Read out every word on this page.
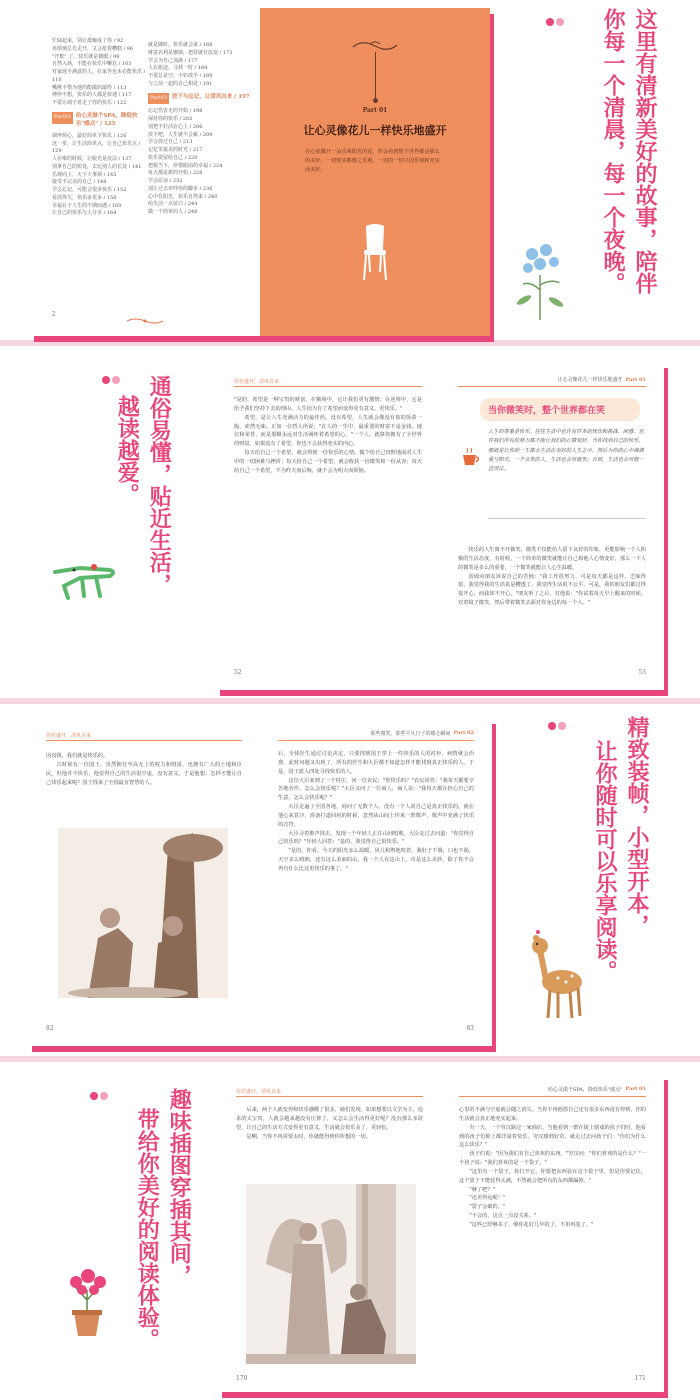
忙碌起来，别让抵触成了你 / 92
再烦恼总先走开，又会抢着糟糕 / 96
"开框" 了，快乐就是微暖 / 99
自然入场，不能在快乐中懈怠 / 103
对家庭不满意的人，在家外也未必能快乐 / 110
嘴唾不惜为他的能做的最终 / 113
傅停不想，快乐的人都是快速 / 117
不要让调子着走了你的快乐 / 122
Part02 给心灵做个SPA，降低快乐"感点" / 125
调净烦心，最好简单下快乐 / 126
这一步，让生活简单点，让自己快乐点 / 129
人在难的时候，让脱光是没法 / 137
别拿自己的短处，去比别人的长处 / 141
乐观向上，天下大事须 / 145
接受不完美的自己 / 148
学会忘记，可能会很多快乐 / 152
看淡得失，快乐多更多 / 156
幸福在于人生的不期而遇 / 160
让自己的快乐与人分享 / 164
就是随时，快乐就会来 / 168
财富名利是枷锁，把持就有改变 / 173
学会为自己加满 / 177
人在旅途，寻找一时 / 184
不要总是空，不妨放手 / 189
与之前一起的自己相处 / 191
Part03 放下与忘记，让清风自来 / 197
忘记伤害无的开始 / 198
保持你的快乐 / 202
别把不好活在心上 / 206
放下吧，人生就不会累 / 209
学会放过自己 / 213
记忆里最美的时光 / 217
快乐要留给自己 / 220
把握当下，珍惜眼前的幸福 / 224
每天都是新的开始 / 228
学会原谅 / 232
别让过去牵绊你的脚步 / 236
心中有阳光，快乐自然来 / 240
给生活一点留白 / 244
做一个简单的人 / 248
2
Part 01
让心灵像花儿一样快乐地盛开
在心底藏开一朵乐观阳光的花，你会看到整个世界都是那么的美好，一切现实都像之乐观，一切的一切只因乐观和充实而美好。	这里有清新美好的故事，陪伴
你每一个清晨，每一个夜晚。
通俗易懂，贴近生活，
越读越爱。
你若盛开，清风自来

"是的，希望是一种宝贵的财富，在顺境中，它让我们更有激情；在逆境中，它是给予我们坚持下去的理由。人生因为有了希望而变得更有意义，更快乐。"

希望，是让人生充满活力的最佳药。没有希望，人生就会像没有盐的饭菜一般，索然无味。正如一位哲人所说："在人的一生中，最重要的财富不是金钱、地位和荣誉，而是那颗永远对生活满怀着希望的心。"一个人，就算你拥有了全世界的财富，如果没有了希望，你也不会获得充实的内心。

每天给自己一个希望，就会得到一份快乐的心情。做个给自己田野地面对人生中的一切困难与挫折；每天给自己一个希望，就会收获一份微笑和一份从容；每天给自己一个希望，不为昨天而后悔，就不会为明天而烦恼。

52
让心灵像花儿一样快乐地盛开 Part 01
当你微笑时，整个世界都在笑
人生的答案是快乐。往往生活中也许有许多的忧伤和挑战、困惑，也许我们所有的努力都不能让我们的心情变好。当你找到自己的快乐，那就是让你的一生都会生活在美好的人生之中。然后为你的心中填满爱与阳光，一个会笑的人，生活也会对他笑；否则，生活也会对他一直哭泣。

快乐的人生离不开微笑。微笑不仅能给人留下良好的印象，更能影响一个人积极的生活态度。有时候，一个简单的微笑就能让自己和他人心情变好，那么一个人的微笑是多么的重要，一个微笑就能让人心生温暖。

汤姆向朋友诉说自己的苦恼："我工作很努力，可是每天都是这样，乏味得很，我觉得我的生活真是糟透了。我觉得生活很不公平。可是，我的朋友们都过得很开心，而我却不开心。"朋友听了之后，对他说："你试着每天早上醒来的时候，对着镜子微笑，然后带着微笑去面对你身边的每一个人。"

53
你若盛开，清风自来

因没钱，我们就是快乐的。

古时候有一位国王，虽然拥有至高无上的权力和财富，也拥有广大的土地和臣民，但他并不快乐，他觉得自己的生活很空虚，没有意义。于是他想：怎样才能让自己快乐起来呢？国王找来了全国最有智慧的人。

82
那些微笑，那些平凡日子的暖心瞬间 Part 02

后，全体医生通过讨论决定，只要找到国王穿上一件快乐的人的衬衫，病情就会治愈。此时问题又出现了，所有的医生和大臣都不知道怎样才能找到真正快乐的人。于是，国王派人四处寻找快乐的人。

这位大臣来到了一个村庄，问一位农民："你快乐吗？"农民回答："我每天都要辛苦地劳作，怎么会快乐呢？"大臣又问了一位商人，商人说："我每天都在担心自己的生意，怎么会快乐呢？"

大臣走遍了全国各地，询问了无数个人，没有一个人说自己是真正快乐的。就在他心灰意冷，准备打道回府的时候，忽然从山间上传来一阵歌声，歌声中充满了快乐的音符。

大臣寻着歌声找去，发现一个年轻人正在山间唱歌。大臣走过去问道："你觉得自己快乐吗？"年轻人回答："是的，我觉得自己很快乐。"

"是的，你看，今天的阳光多么温暖，风儿和煦地吹着，我肚子不饿，口也不渴，天空多么晴朗，还有这么美丽的山，我一个人在这山上，卓是这么美妙，除了你不会再有什么比这更快乐的事了。"

83
精致装帧，小型开本，
让你随时可以乐享阅读。
趣味插图穿插其间，
带给你美好的阅读体验。
你若盛开，清风自来

后来，两个人就变得和快乐感慨了很多，她们发现，如果想要以文学为主，追求的太宝贵，人就会越来越没有压抑了，又怎么会生活得更好呢？没有那么多欲望，让自己的生活方式变得更有意义，生活就会快乐多了，更轻松。

是啊，当你不再需要太时，你就能得到你所想的一切。

170
给心灵做个SPA，降低快乐"感点" Part 01

心里的不满与空虚就会随之消失。当你不再抱怨自己还有很多东西没有得到，你的生活就会真正地充实起来。

有一天，一个穷汉路过一家商店，当他看到一群在街上嬉戏的孩子们时，他看到的孩子们脸上都洋溢着快乐。穷汉感到好奇，就走过去问孩子们："你们为什么这么快乐？"

孩子们说："因为我们有自己喜欢的东西。"穷汉问："你们喜欢的是什么？"一个孩子说："我们喜欢的是一个袋子。"

"这里有一个袋子，你打开它，你要把东西装在这个袋子里，但是你要记住，这个袋子不能装得太满，不然就会把所有的东西都漏掉。"

"够了吧？"

"还差得远呢！"

"袋子会破的。"

"不会的，这点一点没关系。"

"这些已经够多了，够你花好几年的了，不用再装了。"

171
